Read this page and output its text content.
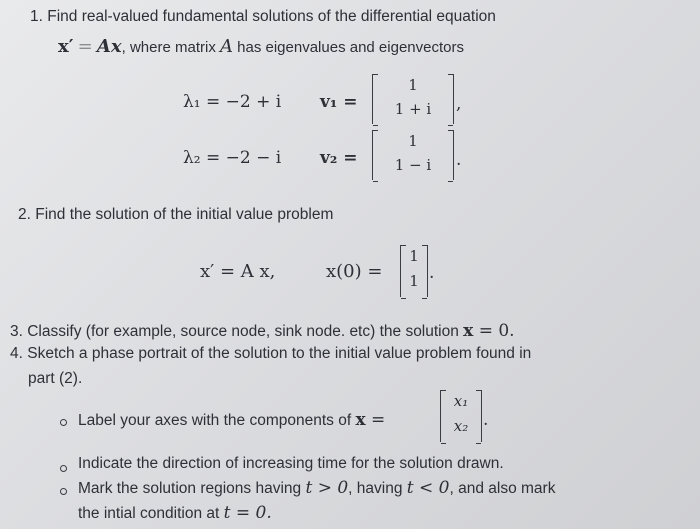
1. Find real-valued fundamental solutions of the differential equation
x′ = Ax, where matrix A has eigenvalues and eigenvectors
λ₁ = −2 + i v₁ =
1
1 + i	,
λ₂ = −2 − i v₂ =
1
1 − i	.
2. Find the solution of the initial value problem
x′ = A x,	x(0) =
1
1 .
3. Classify (for example, source node, sink node. etc) the solution x = 0.
4. Sketch a phase portrait of the solution to the initial value problem found in
part (2).
Label your axes with the components of x =
x₁
x₂ .
Indicate the direction of increasing time for the solution drawn.
Mark the solution regions having t > 0, having t < 0, and also mark
the intial condition at t = 0.
